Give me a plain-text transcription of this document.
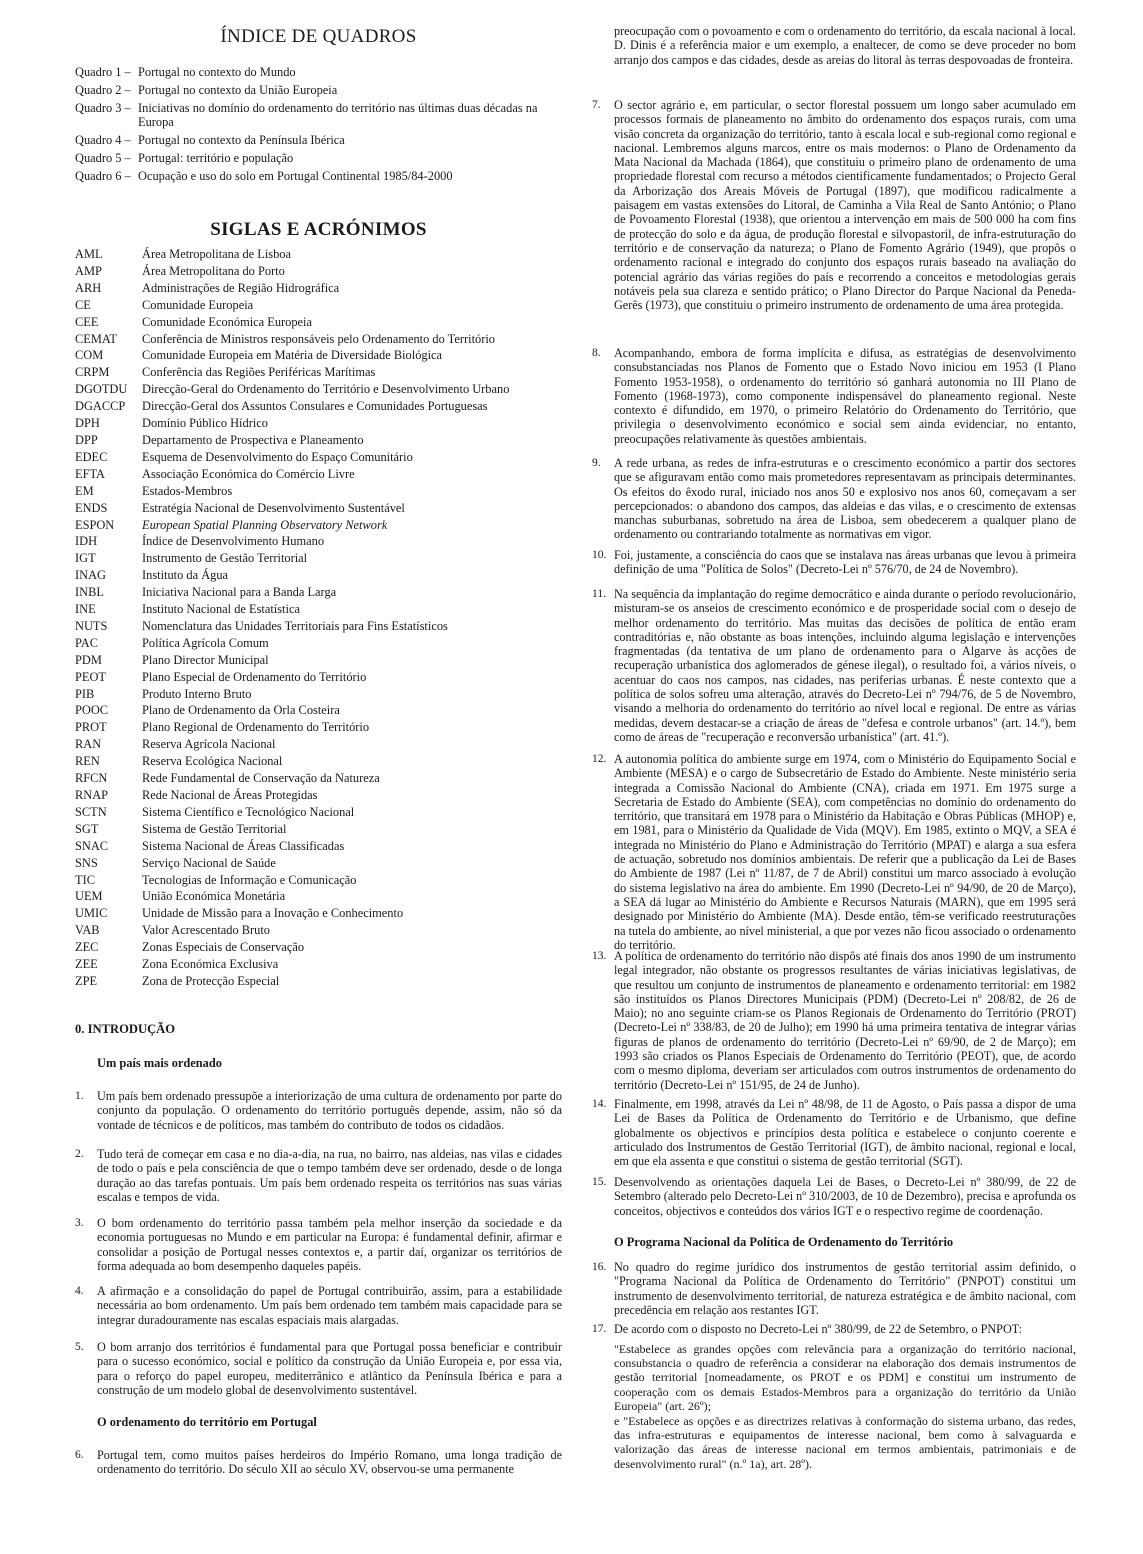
ÍNDICE DE QUADROS
Quadro 1 – Portugal no contexto do Mundo
Quadro 2 – Portugal no contexto da União Europeia
Quadro 3 – Iniciativas no domínio do ordenamento do território nas últimas duas décadas na Europa
Quadro 4 – Portugal no contexto da Península Ibérica
Quadro 5 – Portugal: território e população
Quadro 6 – Ocupação e uso do solo em Portugal Continental 1985/84-2000
SIGLAS E ACRÓNIMOS
AML	Área Metropolitana de Lisboa
AMP	Área Metropolitana do Porto
ARH	Administrações de Região Hidrográfica
CE	Comunidade Europeia
CEE	Comunidade Económica Europeia
CEMAT	Conferência de Ministros responsáveis pelo Ordenamento do Território
COM	Comunidade Europeia em Matéria de Diversidade Biológica
CRPM	Conferência das Regiões Periféricas Marítimas
DGOTDU	Direcção-Geral do Ordenamento do Território e Desenvolvimento Urbano
DGACCP	Direcção-Geral dos Assuntos Consulares e Comunidades Portuguesas
DPH	Domínio Público Hídrico
DPP	Departamento de Prospectiva e Planeamento
EDEC	Esquema de Desenvolvimento do Espaço Comunitário
EFTA	Associação Económica do Comércio Livre
EM	Estados-Membros
ENDS	Estratégia Nacional de Desenvolvimento Sustentável
ESPON	European Spatial Planning Observatory Network
IDH	Índice de Desenvolvimento Humano
IGT	Instrumento de Gestão Territorial
INAG	Instituto da Água
INBL	Iniciativa Nacional para a Banda Larga
INE	Instituto Nacional de Estatística
NUTS	Nomenclatura das Unidades Territoriais para Fins Estatísticos
PAC	Política Agrícola Comum
PDM	Plano Director Municipal
PEOT	Plano Especial de Ordenamento do Território
PIB	Produto Interno Bruto
POOC	Plano de Ordenamento da Orla Costeira
PROT	Plano Regional de Ordenamento do Território
RAN	Reserva Agrícola Nacional
REN	Reserva Ecológica Nacional
RFCN	Rede Fundamental de Conservação da Natureza
RNAP	Rede Nacional de Áreas Protegidas
SCTN	Sistema Científico e Tecnológico Nacional
SGT	Sistema de Gestão Territorial
SNAC	Sistema Nacional de Áreas Classificadas
SNS	Serviço Nacional de Saúde
TIC	Tecnologias de Informação e Comunicação
UEM	União Económica Monetária
UMIC	Unidade de Missão para a Inovação e Conhecimento
VAB	Valor Acrescentado Bruto
ZEC	Zonas Especiais de Conservação
ZEE	Zona Económica Exclusiva
ZPE	Zona de Protecção Especial

0. INTRODUÇÃO

Um país mais ordenado

1. Um país bem ordenado pressupõe a interiorização de uma cultura de ordenamento por parte do conjunto da população. O ordenamento do território português depende, assim, não só da vontade de técnicos e de políticos, mas também do contributo de todos os cidadãos.
2. Tudo terá de começar em casa e no dia-a-dia, na rua, no bairro, nas aldeias, nas vilas e cidades de todo o país e pela consciência de que o tempo também deve ser ordenado, desde o de longa duração ao das tarefas pontuais. Um país bem ordenado respeita os territórios nas suas várias escalas e tempos de vida.
3. O bom ordenamento do território passa também pela melhor inserção da sociedade e da economia portuguesas no Mundo e em particular na Europa: é fundamental definir, afirmar e consolidar a posição de Portugal nesses contextos e, a partir daí, organizar os territórios de forma adequada ao bom desempenho daqueles papéis.
4. A afirmação e a consolidação do papel de Portugal contribuirão, assim, para a estabilidade necessária ao bom ordenamento. Um país bem ordenado tem também mais capacidade para se integrar duradouramente nas escalas espaciais mais alargadas.
5. O bom arranjo dos territórios é fundamental para que Portugal possa beneficiar e contribuir para o sucesso económico, social e político da construção da União Europeia e, por essa via, para o reforço do papel europeu, mediterrânico e atlântico da Península Ibérica e para a construção de um modelo global de desenvolvimento sustentável.

O ordenamento do território em Portugal

6. Portugal tem, como muitos países herdeiros do Império Romano, uma longa tradição de ordenamento do território. Do século XII ao século XV, observou-se uma permanente
preocupação com o povoamento e com o ordenamento do território, da escala nacional à local. D. Dinis é a referência maior e um exemplo, a enaltecer, de como se deve proceder no bom arranjo dos campos e das cidades, desde as areias do litoral às terras despovoadas de fronteira.
7. O sector agrário e, em particular, o sector florestal possuem um longo saber acumulado em processos formais de planeamento no âmbito do ordenamento dos espaços rurais, com uma visão concreta da organização do território, tanto à escala local e sub-regional como regional e nacional. Lembremos alguns marcos, entre os mais modernos: o Plano de Ordenamento da Mata Nacional da Machada (1864), que constituiu o primeiro plano de ordenamento de uma propriedade florestal com recurso a métodos cientificamente fundamentados; o Projecto Geral da Arborização dos Areais Móveis de Portugal (1897), que modificou radicalmente a paisagem em vastas extensões do Litoral, de Caminha a Vila Real de Santo António; o Plano de Povoamento Florestal (1938), que orientou a intervenção em mais de 500 000 ha com fins de protecção do solo e da água, de produção florestal e silvopastoril, de infra-estruturação do território e de conservação da natureza; o Plano de Fomento Agrário (1949), que propôs o ordenamento racional e integrado do conjunto dos espaços rurais baseado na avaliação do potencial agrário das várias regiões do país e recorrendo a conceitos e metodologias gerais notáveis pela sua clareza e sentido prático; o Plano Director do Parque Nacional da Peneda-Gerês (1973), que constituiu o primeiro instrumento de ordenamento de uma área protegida.
8. Acompanhando, embora de forma implícita e difusa, as estratégias de desenvolvimento consubstanciadas nos Planos de Fomento que o Estado Novo iniciou em 1953 (I Plano Fomento 1953-1958), o ordenamento do território só ganhará autonomia no III Plano de Fomento (1968-1973), como componente indispensável do planeamento regional. Neste contexto é difundido, em 1970, o primeiro Relatório do Ordenamento do Território, que privilegia o desenvolvimento económico e social sem ainda evidenciar, no entanto, preocupações relativamente às questões ambientais.
9. A rede urbana, as redes de infra-estruturas e o crescimento económico a partir dos sectores que se afiguravam então como mais prometedores representavam as principais determinantes. Os efeitos do êxodo rural, iniciado nos anos 50 e explosivo nos anos 60, começavam a ser percepcionados: o abandono dos campos, das aldeias e das vilas, e o crescimento de extensas manchas suburbanas, sobretudo na área de Lisboa, sem obedecerem a qualquer plano de ordenamento ou contrariando totalmente as normativas em vigor.
10. Foi, justamente, a consciência do caos que se instalava nas áreas urbanas que levou à primeira definição de uma "Política de Solos" (Decreto-Lei nº 576/70, de 24 de Novembro).
11. Na sequência da implantação do regime democrático e ainda durante o período revolucionário, misturam-se os anseios de crescimento económico e de prosperidade social com o desejo de melhor ordenamento do território. Mas muitas das decisões de política de então eram contraditórias e, não obstante as boas intenções, incluindo alguma legislação e intervenções fragmentadas (da tentativa de um plano de ordenamento para o Algarve às acções de recuperação urbanística dos aglomerados de génese ilegal), o resultado foi, a vários níveis, o acentuar do caos nos campos, nas cidades, nas periferias urbanas. É neste contexto que a política de solos sofreu uma alteração, através do Decreto-Lei nº 794/76, de 5 de Novembro, visando a melhoria do ordenamento do território ao nível local e regional. De entre as várias medidas, devem destacar-se a criação de áreas de "defesa e controle urbanos" (art. 14.º), bem como de áreas de "recuperação e reconversão urbanística" (art. 41.º).
12. A autonomia política do ambiente surge em 1974, com o Ministério do Equipamento Social e Ambiente (MESA) e o cargo de Subsecretário de Estado do Ambiente. Neste ministério seria integrada a Comissão Nacional do Ambiente (CNA), criada em 1971. Em 1975 surge a Secretaria de Estado do Ambiente (SEA), com competências no domínio do ordenamento do território, que transitará em 1978 para o Ministério da Habitação e Obras Públicas (MHOP) e, em 1981, para o Ministério da Qualidade de Vida (MQV). Em 1985, extinto o MQV, a SEA é integrada no Ministério do Plano e Administração do Território (MPAT) e alarga a sua esfera de actuação, sobretudo nos domínios ambientais. De referir que a publicação da Lei de Bases do Ambiente de 1987 (Lei nº 11/87, de 7 de Abril) constitui um marco associado à evolução do sistema legislativo na área do ambiente. Em 1990 (Decreto-Lei nº 94/90, de 20 de Março), a SEA dá lugar ao Ministério do Ambiente e Recursos Naturais (MARN), que em 1995 será designado por Ministério do Ambiente (MA). Desde então, têm-se verificado reestruturações na tutela do ambiente, ao nível ministerial, a que por vezes não ficou associado o ordenamento do território.
13. A política de ordenamento do território não dispôs até finais dos anos 1990 de um instrumento legal integrador, não obstante os progressos resultantes de várias iniciativas legislativas, de que resultou um conjunto de instrumentos de planeamento e ordenamento territorial: em 1982 são instituídos os Planos Directores Municipais (PDM) (Decreto-Lei nº 208/82, de 26 de Maio); no ano seguinte criam-se os Planos Regionais de Ordenamento do Território (PROT) (Decreto-Lei nº 338/83, de 20 de Julho); em 1990 há uma primeira tentativa de integrar várias figuras de planos de ordenamento do território (Decreto-Lei nº 69/90, de 2 de Março); em 1993 são criados os Planos Especiais de Ordenamento do Território (PEOT), que, de acordo com o mesmo diploma, deveriam ser articulados com outros instrumentos de ordenamento do território (Decreto-Lei nº 151/95, de 24 de Junho).
14. Finalmente, em 1998, através da Lei nº 48/98, de 11 de Agosto, o País passa a dispor de uma Lei de Bases da Política de Ordenamento do Território e de Urbanismo, que define globalmente os objectivos e princípios desta política e estabelece o conjunto coerente e articulado dos Instrumentos de Gestão Territorial (IGT), de âmbito nacional, regional e local, em que ela assenta e que constitui o sistema de gestão territorial (SGT).
15. Desenvolvendo as orientações daquela Lei de Bases, o Decreto-Lei nº 380/99, de 22 de Setembro (alterado pelo Decreto-Lei nº 310/2003, de 10 de Dezembro), precisa e aprofunda os conceitos, objectivos e conteúdos dos vários IGT e o respectivo regime de coordenação.

O Programa Nacional da Política de Ordenamento do Território

16. No quadro do regime jurídico dos instrumentos de gestão territorial assim definido, o "Programa Nacional da Política de Ordenamento do Território" (PNPOT) constitui um instrumento de desenvolvimento territorial, de natureza estratégica e de âmbito nacional, com precedência em relação aos restantes IGT.
17. De acordo com o disposto no Decreto-Lei nº 380/99, de 22 de Setembro, o PNPOT:
"Estabelece as grandes opções com relevância para a organização do território nacional, consubstancia o quadro de referência a considerar na elaboração dos demais instrumentos de gestão territorial [nomeadamente, os PROT e os PDM] e constitui um instrumento de cooperação com os demais Estados-Membros para a organização do território da União Europeia" (art. 26º);
e "Estabelece as opções e as directrizes relativas à conformação do sistema urbano, das redes, das infra-estruturas e equipamentos de interesse nacional, bem como à salvaguarda e valorização das áreas de interesse nacional em termos ambientais, patrimoniais e de desenvolvimento rural" (n.º 1a), art. 28º).
